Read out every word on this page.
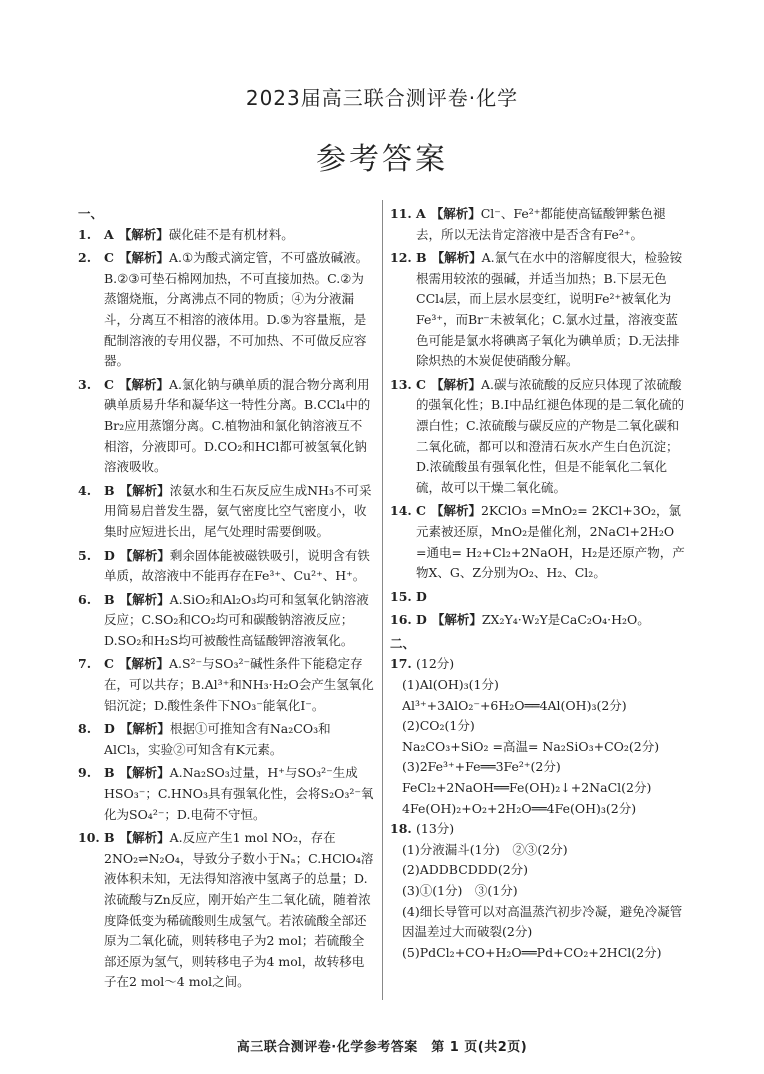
2023届高三联合测评卷·化学
参考答案
一、
1.	A 【解析】碳化硅不是有机材料。
2.	C 【解析】A.①为酸式滴定管，不可盛放碱液。B.②③可垫石棉网加热，不可直接加热。C.②为蒸馏烧瓶，分离沸点不同的物质；④为分液漏斗，分离互不相溶的液体用。D.⑤为容量瓶，是配制溶液的专用仪器，不可加热、不可做反应容器。
3.	C 【解析】A.氯化钠与碘单质的混合物分离利用碘单质易升华和凝华这一特性分离。B.CCl₄中的Br₂应用蒸馏分离。C.植物油和氯化钠溶液互不相溶，分液即可。D.CO₂和HCl都可被氢氧化钠溶液吸收。
4.	B 【解析】浓氨水和生石灰反应生成NH₃不可采用简易启普发生器，氨气密度比空气密度小，收集时应短进长出，尾气处理时需要倒吸。
5.	D 【解析】剩余固体能被磁铁吸引，说明含有铁单质，故溶液中不能再存在Fe³⁺、Cu²⁺、H⁺。
6.	B 【解析】A.SiO₂和Al₂O₃均可和氢氧化钠溶液反应；C.SO₂和CO₂均可和碳酸钠溶液反应；D.SO₂和H₂S均可被酸性高锰酸钾溶液氧化。
7.	C 【解析】A.S²⁻与SO₃²⁻碱性条件下能稳定存在，可以共存；B.Al³⁺和NH₃·H₂O会产生氢氧化铝沉淀；D.酸性条件下NO₃⁻能氧化I⁻。
8.	D 【解析】根据①可推知含有Na₂CO₃和AlCl₃，实验②可知含有K元素。
9.	B 【解析】A.Na₂SO₃过量，H⁺与SO₃²⁻生成HSO₃⁻；C.HNO₃具有强氧化性，会将S₂O₃²⁻氧化为SO₄²⁻；D.电荷不守恒。
10. B 【解析】A.反应产生1 mol NO₂，存在2NO₂⇌N₂O₄，导致分子数小于Nₐ；C.HClO₄溶液体积未知，无法得知溶液中氢离子的总量；D.浓硫酸与Zn反应，刚开始产生二氧化硫，随着浓度降低变为稀硫酸则生成氢气。若浓硫酸全部还原为二氧化硫，则转移电子为2 mol；若硫酸全部还原为氢气，则转移电子为4 mol，故转移电子在2 mol～4 mol之间。
11. A 【解析】Cl⁻、Fe²⁺都能使高锰酸钾紫色褪去，所以无法肯定溶液中是否含有Fe²⁺。
12. B 【解析】A.氯气在水中的溶解度很大，检验铵根需用较浓的强碱，并适当加热；B.下层无色CCl₄层，而上层水层变红，说明Fe²⁺被氧化为Fe³⁺，而Br⁻未被氧化；C.氯水过量，溶液变蓝色可能是氯水将碘离子氧化为碘单质；D.无法排除炽热的木炭促使硝酸分解。
13. C 【解析】A.碳与浓硫酸的反应只体现了浓硫酸的强氧化性；B.Ⅰ中品红褪色体现的是二氧化硫的漂白性；C.浓硫酸与碳反应的产物是二氧化碳和二氧化硫，都可以和澄清石灰水产生白色沉淀；D.浓硫酸虽有强氧化性，但是不能氧化二氧化硫，故可以干燥二氧化硫。
14. C 【解析】2KClO₃ =MnO₂= 2KCl+3O₂，氯元素被还原，MnO₂是催化剂，2NaCl+2H₂O =通电= H₂+Cl₂+2NaOH，H₂是还原产物，产物X、G、Z分别为O₂、H₂、Cl₂。
15. D
16. D 【解析】ZX₂Y₄·W₂Y是CaC₂O₄·H₂O。
二、
17. (12分)
(1)Al(OH)₃(1分)
Al³⁺+3AlO₂⁻+6H₂O══4Al(OH)₃(2分)
(2)CO₂(1分)
Na₂CO₃+SiO₂ =高温= Na₂SiO₃+CO₂(2分)
(3)2Fe³⁺+Fe══3Fe²⁺(2分)
FeCl₂+2NaOH══Fe(OH)₂↓+2NaCl(2分)
4Fe(OH)₂+O₂+2H₂O══4Fe(OH)₃(2分)
18. (13分)
(1)分液漏斗(1分)　②③(2分)
(2)ADDBCDDD(2分)
(3)①(1分)　③(1分)
(4)细长导管可以对高温蒸汽初步冷凝，避免冷凝管因温差过大而破裂(2分)
(5)PdCl₂+CO+H₂O══Pd+CO₂+2HCl(2分)
高三联合测评卷·化学参考答案　第 1 页(共2页)
